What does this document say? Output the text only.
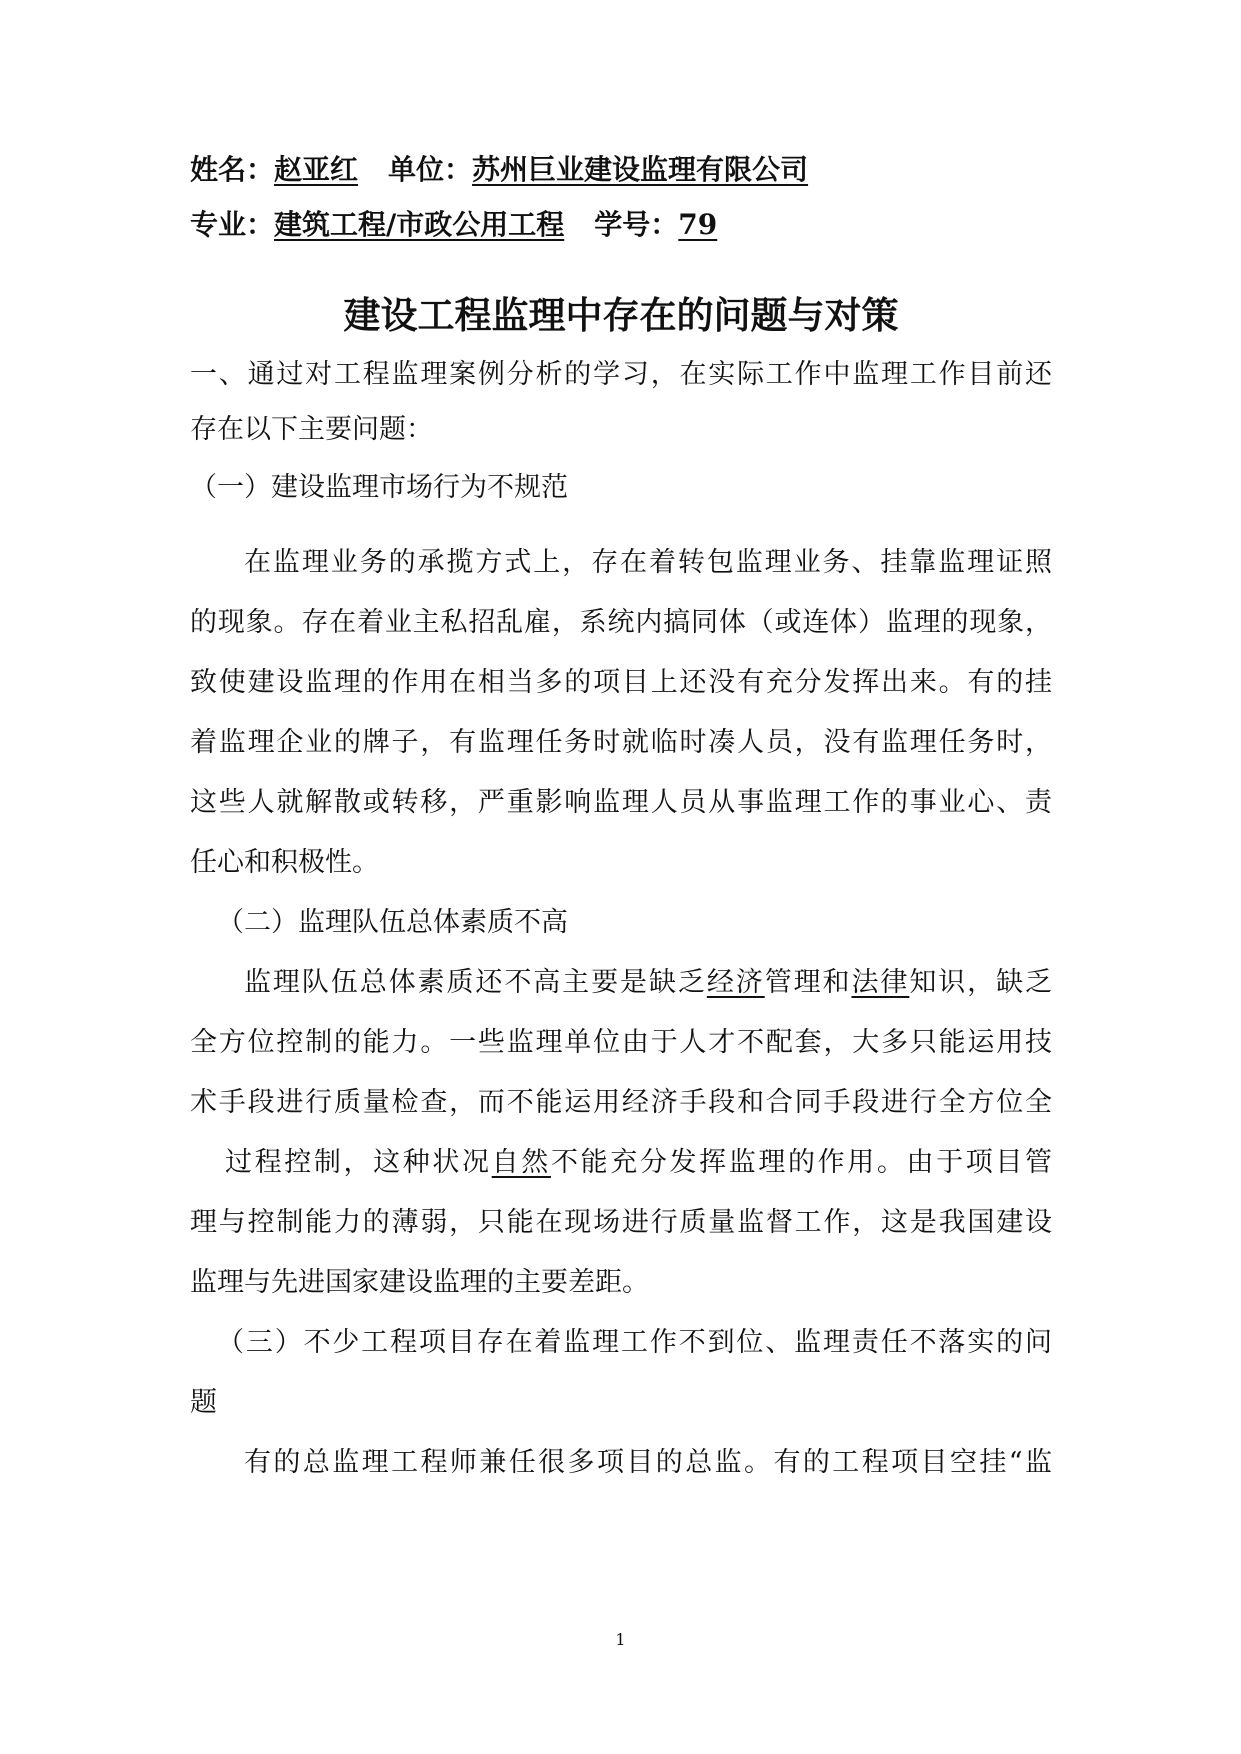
姓名：赵亚红 单位：苏州巨业建设监理有限公司
专业：建筑工程/市政公用工程 学号：79
建设工程监理中存在的问题与对策
一、通过对工程监理案例分析的学习，在实际工作中监理工作目前还
存在以下主要问题：
（一）建设监理市场行为不规范
在监理业务的承揽方式上，存在着转包监理业务、挂靠监理证照
的现象。存在着业主私招乱雇，系统内搞同体（或连体）监理的现象，
致使建设监理的作用在相当多的项目上还没有充分发挥出来。有的挂
着监理企业的牌子，有监理任务时就临时凑人员，没有监理任务时，
这些人就解散或转移，严重影响监理人员从事监理工作的事业心、责
任心和积极性。
（二）监理队伍总体素质不高
监理队伍总体素质还不高主要是缺乏经济管理和法律知识，缺乏
全方位控制的能力。一些监理单位由于人才不配套，大多只能运用技
术手段进行质量检查，而不能运用经济手段和合同手段进行全方位全
过程控制，这种状况自然不能充分发挥监理的作用。由于项目管
理与控制能力的薄弱，只能在现场进行质量监督工作，这是我国建设
监理与先进国家建设监理的主要差距。
（三）不少工程项目存在着监理工作不到位、监理责任不落实的问
题
有的总监理工程师兼任很多项目的总监。有的工程项目空挂“监
1
